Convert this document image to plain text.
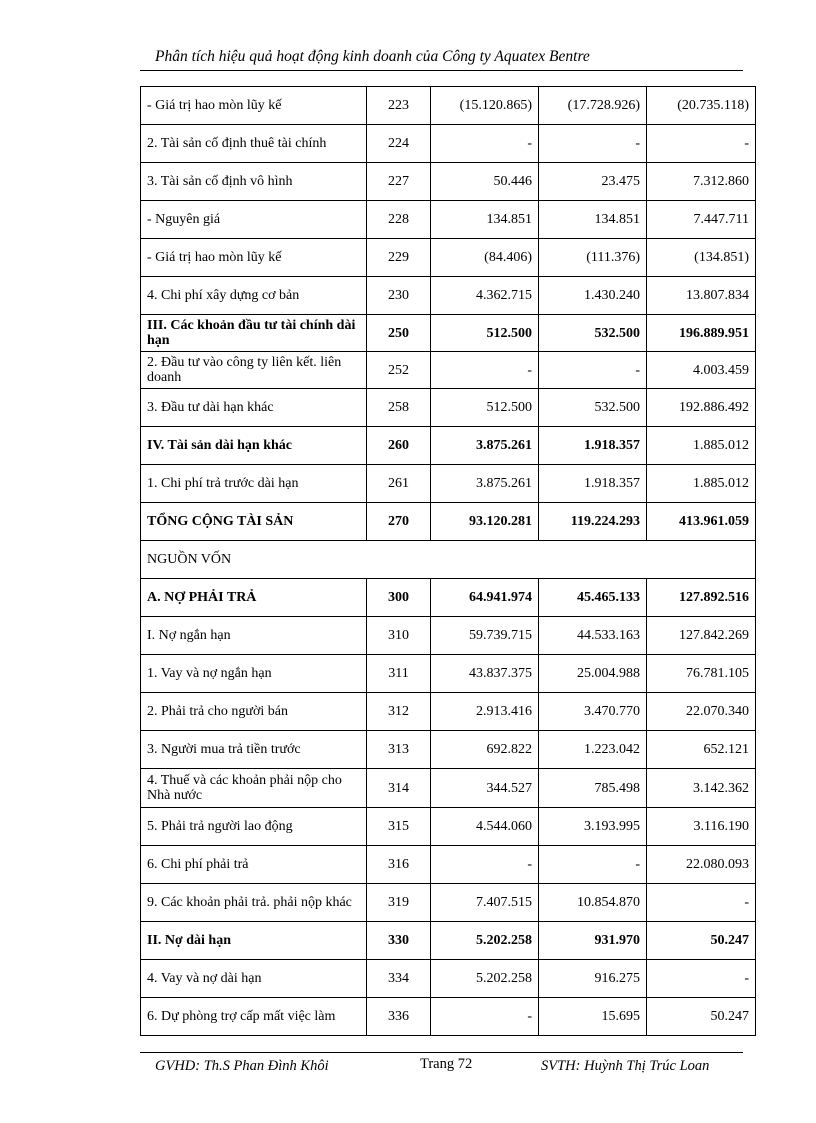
Phân tích hiệu quả hoạt động kinh doanh của Công ty Aquatex Bentre
- Giá trị hao mòn lũy kế	223	(15.120.865)	(17.728.926)	(20.735.118)
2. Tài sản cố định thuê tài chính	224	-	-	-
3. Tài sản cố định vô hình	227	50.446	23.475	7.312.860
- Nguyên giá	228	134.851	134.851	7.447.711
- Giá trị hao mòn lũy kế	229	(84.406)	(111.376)	(134.851)
4. Chi phí xây dựng cơ bản	230	4.362.715	1.430.240	13.807.834
III. Các khoản đầu tư tài chính dài hạn	250	512.500	532.500	196.889.951
2. Đầu tư vào công ty liên kết. liên doanh	252	-	-	4.003.459
3. Đầu tư dài hạn khác	258	512.500	532.500	192.886.492
IV. Tài sản dài hạn khác	260	3.875.261	1.918.357	1.885.012
1. Chi phí trả trước dài hạn	261	3.875.261	1.918.357	1.885.012
TỔNG CỘNG TÀI SẢN	270	93.120.281	119.224.293	413.961.059
NGUỒN VỐN				
A. NỢ PHẢI TRẢ	300	64.941.974	45.465.133	127.892.516
I. Nợ ngắn hạn	310	59.739.715	44.533.163	127.842.269
1. Vay và nợ ngắn hạn	311	43.837.375	25.004.988	76.781.105
2. Phải trả cho người bán	312	2.913.416	3.470.770	22.070.340
3. Người mua trả tiền trước	313	692.822	1.223.042	652.121
4. Thuế và các khoản phải nộp cho Nhà nước	314	344.527	785.498	3.142.362
5. Phải trả người lao động	315	4.544.060	3.193.995	3.116.190
6. Chi phí phải trả	316	-	-	22.080.093
9. Các khoản phải trả. phải nộp khác	319	7.407.515	10.854.870	-
II. Nợ dài hạn	330	5.202.258	931.970	50.247
4. Vay và nợ dài hạn	334	5.202.258	916.275	-
6. Dự phòng trợ cấp mất việc làm	336	-	15.695	50.247
GVHD: Th.S Phan Đình Khôi	Trang 72	SVTH: Huỳnh Thị Trúc Loan
